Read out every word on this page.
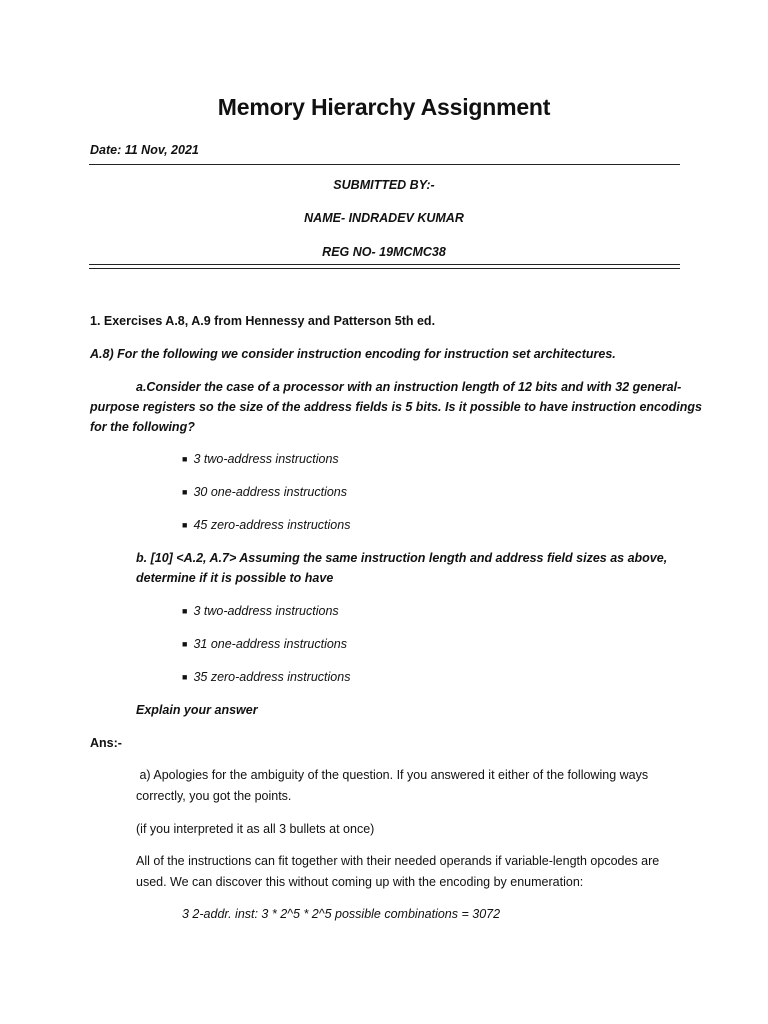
Memory Hierarchy Assignment
Date: 11 Nov, 2021
SUBMITTED BY:-
NAME- INDRADEV KUMAR
REG NO- 19MCMC38
1. Exercises A.8, A.9 from Hennessy and Patterson 5th ed.
A.8) For the following we consider instruction encoding for instruction set architectures.
a.Consider the case of a processor with an instruction length of 12 bits and with 32 general-
purpose registers so the size of the address fields is 5 bits. Is it possible to have instruction encodings
for the following?
■ 3 two-address instructions
■ 30 one-address instructions
■ 45 zero-address instructions
b. [10] <A.2, A.7> Assuming the same instruction length and address field sizes as above,
determine if it is possible to have
■ 3 two-address instructions
■ 31 one-address instructions
■ 35 zero-address instructions
Explain your answer
Ans:-
a) Apologies for the ambiguity of the question. If you answered it either of the following ways
correctly, you got the points.
(if you interpreted it as all 3 bullets at once)
All of the instructions can fit together with their needed operands if variable-length opcodes are
used. We can discover this without coming up with the encoding by enumeration:
3 2-addr. inst: 3 * 2^5 * 2^5 possible combinations = 3072
